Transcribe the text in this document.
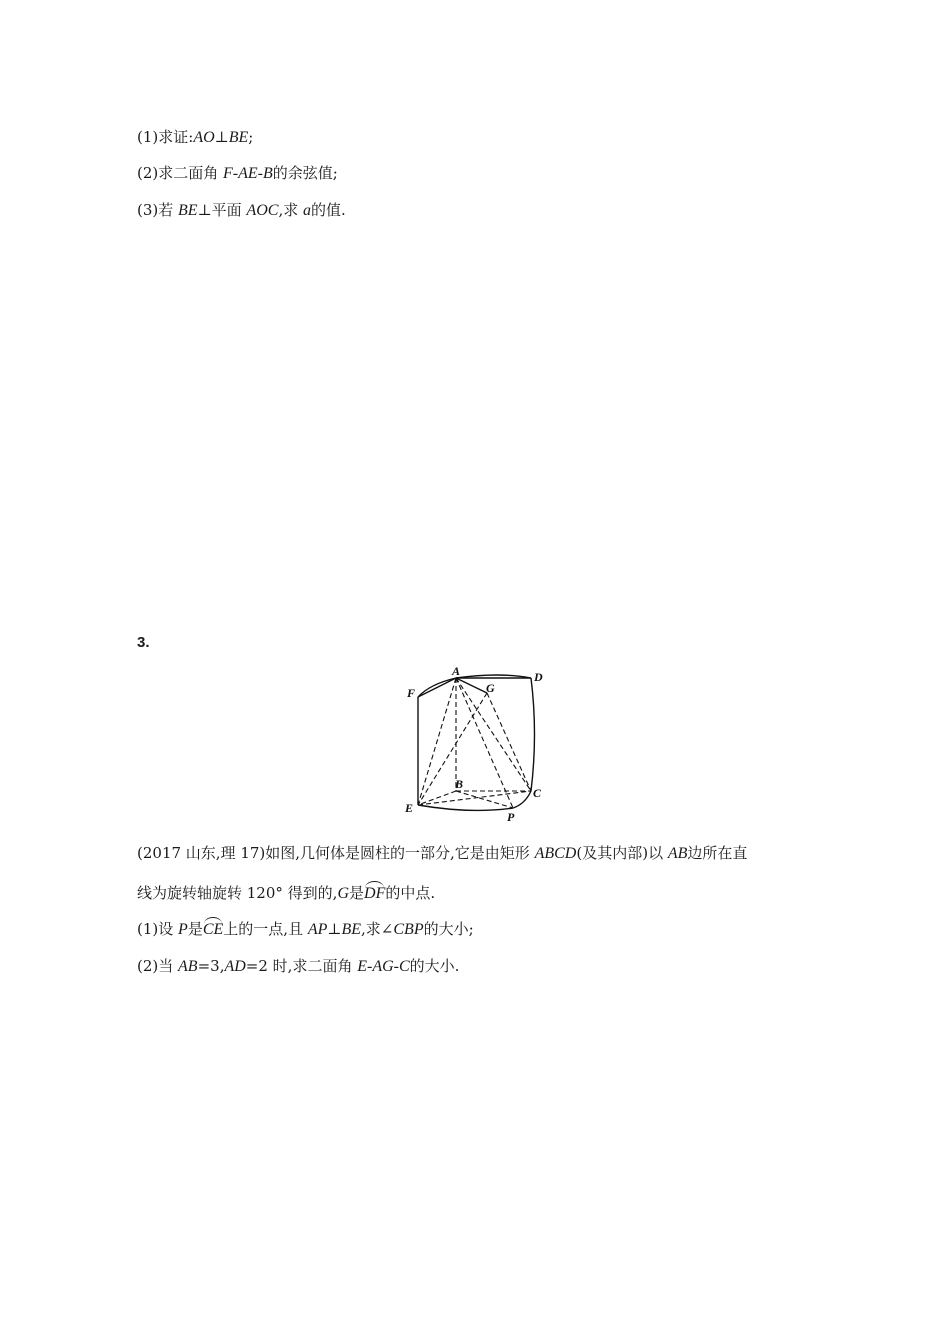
(1)求证:AO⊥BE;
(2)求二面角 F-AE-B的余弦值;
(3)若 BE⊥平面 AOC,求 a的值.
3.
A	D
F	G
B
C
E
P
(2017 山东,理 17)如图,几何体是圆柱的一部分,它是由矩形 ABCD(及其内部)以 AB边所在直
线为旋转轴旋转 120° 得到的,G是DF的中点.
(1)设 P是CE上的一点,且 AP⊥BE,求∠CBP的大小;
(2)当 AB=3,AD=2 时,求二面角 E-AG-C的大小.
